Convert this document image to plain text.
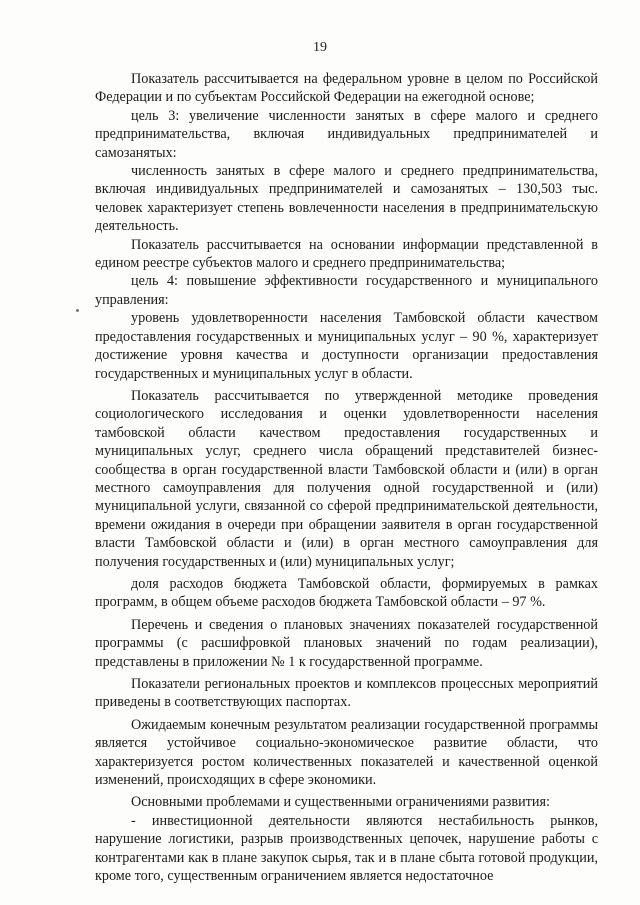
19

Показатель рассчитывается на федеральном уровне в целом по Российской Федерации и по субъектам Российской Федерации на ежегодной основе;

цель 3: увеличение численности занятых в сфере малого и среднего предпринимательства, включая индивидуальных предпринимателей и самозанятых:

численность занятых в сфере малого и среднего предпринимательства, включая индивидуальных предпринимателей и самозанятых – 130,503 тыс. человек характеризует степень вовлеченности населения в предпринимательскую деятельность.

Показатель рассчитывается на основании информации представленной в едином реестре субъектов малого и среднего предпринимательства;

цель 4: повышение эффективности государственного и муниципального управления:

уровень удовлетворенности населения Тамбовской области качеством предоставления государственных и муниципальных услуг – 90 %, характеризует достижение уровня качества и доступности организации предоставления государственных и муниципальных услуг в области.

Показатель рассчитывается по утвержденной методике проведения социологического исследования и оценки удовлетворенности населения тамбовской области качеством предоставления государственных и муниципальных услуг, среднего числа обращений представителей бизнес-сообщества в орган государственной власти Тамбовской области и (или) в орган местного самоуправления для получения одной государственной и (или) муниципальной услуги, связанной со сферой предпринимательской деятельности, времени ожидания в очереди при обращении заявителя в орган государственной власти Тамбовской области и (или) в орган местного самоуправления для получения государственных и (или) муниципальных услуг;

доля расходов бюджета Тамбовской области, формируемых в рамках программ, в общем объеме расходов бюджета Тамбовской области – 97 %.

Перечень и сведения о плановых значениях показателей государственной программы (с расшифровкой плановых значений по годам реализации), представлены в приложении № 1 к государственной программе.

Показатели региональных проектов и комплексов процессных мероприятий приведены в соответствующих паспортах.

Ожидаемым конечным результатом реализации государственной программы является устойчивое социально-экономическое развитие области, что характеризуется ростом количественных показателей и качественной оценкой изменений, происходящих в сфере экономики.

Основными проблемами и существенными ограничениями развития:

- инвестиционной деятельности являются нестабильность рынков, нарушение логистики, разрыв производственных цепочек, нарушение работы с контрагентами как в плане закупок сырья, так и в плане сбыта готовой продукции, кроме того, существенным ограничением является недостаточное
